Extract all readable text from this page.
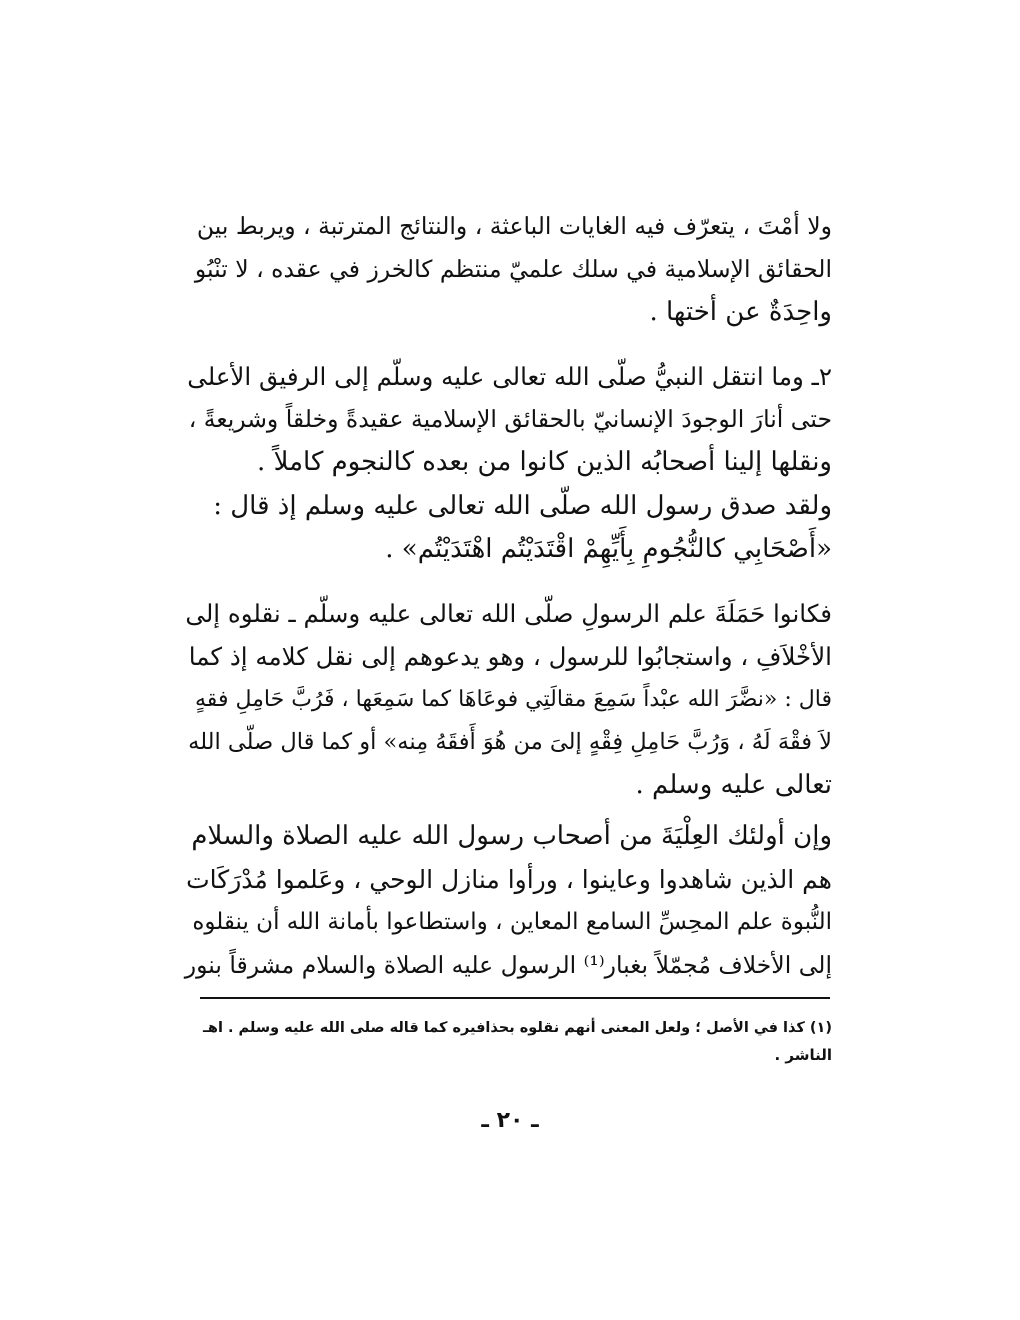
ولا أمْتَ ، يتعرّف فيه الغايات الباعثة ، والنتائج المترتبة ، ويربط بين
الحقائق الإسلامية في سلك علميّ منتظم كالخرز في عقده ، لا تنْبُو
واحِدَةٌ عن أختها .
٢ـ وما انتقل النبيُّ صلّى الله تعالى عليه وسلّم إلى الرفيق الأعلى
حتى أنارَ الوجودَ الإنسانيّ بالحقائق الإسلامية عقيدةً وخلقاً وشريعةً ،
ونقلها إلينا أصحابُه الذين كانوا من بعده كالنجوم كاملاً .
ولقد صدق رسول الله صلّى الله تعالى عليه وسلم إذ قال :
«أَصْحَابِي كالنُّجُومِ بِأَيِّهِمْ اقْتَدَيْتُم اهْتَدَيْتُم» .
فكانوا حَمَلَةَ علم الرسولِ صلّى الله تعالى عليه وسلّم ـ نقلوه إلى
الأخْلاَفِ ، واستجابُوا للرسول ، وهو يدعوهم إلى نقل كلامه إذ كما
قال : «نضَّرَ الله عبْداً سَمِعَ مقالَتِي فوعَاهَا كما سَمِعَها ، فَرُبَّ حَامِلِ فقهٍ
لاَ فقْهَ لَهُ ، وَرُبَّ حَامِلِ فِقْهٍ إلىَ من هُوَ أَفقَهُ مِنه» أو كما قال صلّى الله
تعالى عليه وسلم .
وإن أولئك العِلْيَةَ من أصحاب رسول الله عليه الصلاة والسلام
هم الذين شاهدوا وعاينوا ، ورأوا منازل الوحي ، وعَلموا مُدْرَكَات
النُّبوة علم المحِسِّ السامع المعاين ، واستطاعوا بأمانة الله أن ينقلوه
إلى الأخلاف مُجمّلاً بغبار⁽¹⁾ الرسول عليه الصلاة والسلام مشرقاً بنور
(١) كذا في الأصل ؛ ولعل المعنى أنهم نقلوه بحذافيره كما قاله صلى الله عليه وسلم . اهـ
الناشر .
ـ ٢٠ ـ
